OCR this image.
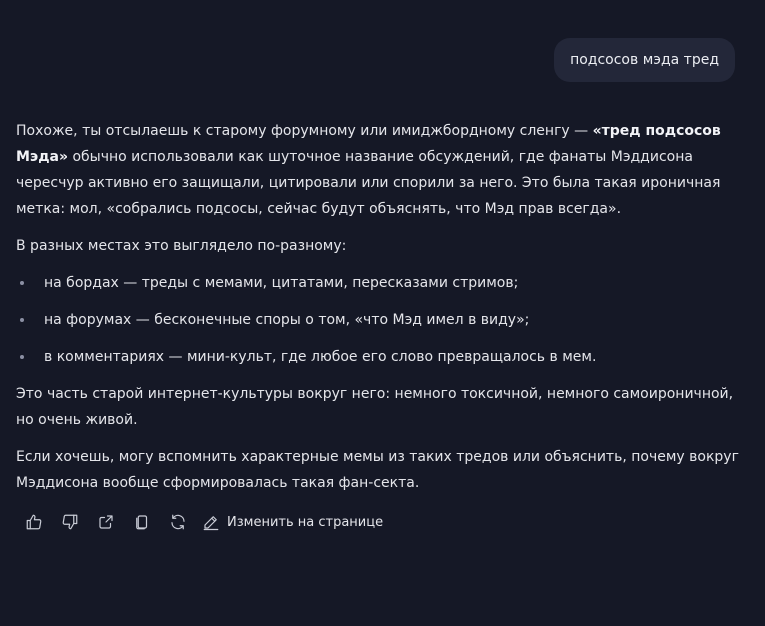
подсосов мэда тред

Похоже, ты отсылаешь к старому форумному или имиджбордному сленгу — «тред подсосов Мэда» обычно использовали как шуточное название обсуждений, где фанаты Мэддисона чересчур активно его защищали, цитировали или спорили за него. Это была такая ироничная метка: мол, «собрались подсосы, сейчас будут объяснять, что Мэд прав всегда».

В разных местах это выглядело по-разному:

на бордах — треды с мемами, цитатами, пересказами стримов;
на форумах — бесконечные споры о том, «что Мэд имел в виду»;
в комментариях — мини-культ, где любое его слово превращалось в мем.

Это часть старой интернет-культуры вокруг него: немного токсичной, немного самоироничной, но очень живой.

Если хочешь, могу вспомнить характерные мемы из таких тредов или объяснить, почему вокруг Мэддисона вообще сформировалась такая фан-секта.

Изменить на странице
